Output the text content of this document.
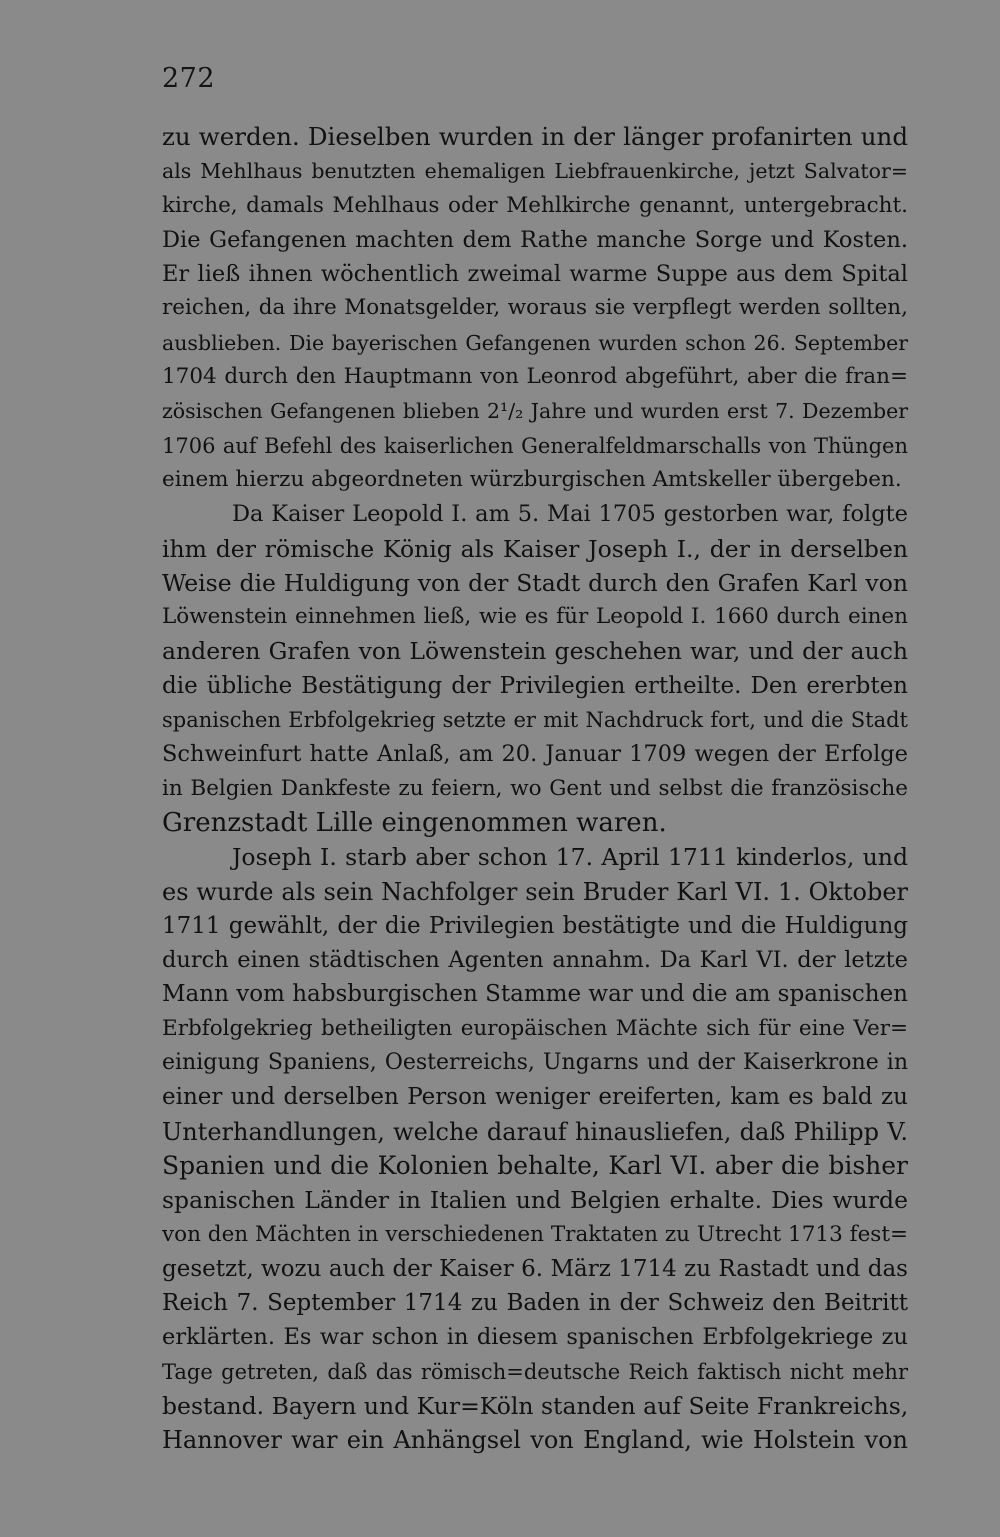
272
zu werden. Dieselben wurden in der länger profanirten und
als Mehlhaus benutzten ehemaligen Liebfrauenkirche, jetzt Salvator=
kirche, damals Mehlhaus oder Mehlkirche genannt, untergebracht.
Die Gefangenen machten dem Rathe manche Sorge und Kosten.
Er ließ ihnen wöchentlich zweimal warme Suppe aus dem Spital
reichen, da ihre Monatsgelder, woraus sie verpflegt werden sollten,
ausblieben. Die bayerischen Gefangenen wurden schon 26. September
1704 durch den Hauptmann von Leonrod abgeführt, aber die fran=
zösischen Gefangenen blieben 2¹/₂ Jahre und wurden erst 7. Dezember
1706 auf Befehl des kaiserlichen Generalfeldmarschalls von Thüngen
einem hierzu abgeordneten würzburgischen Amtskeller übergeben.
Da Kaiser Leopold I. am 5. Mai 1705 gestorben war, folgte
ihm der römische König als Kaiser Joseph I., der in derselben
Weise die Huldigung von der Stadt durch den Grafen Karl von
Löwenstein einnehmen ließ, wie es für Leopold I. 1660 durch einen
anderen Grafen von Löwenstein geschehen war, und der auch
die übliche Bestätigung der Privilegien ertheilte. Den ererbten
spanischen Erbfolgekrieg setzte er mit Nachdruck fort, und die Stadt
Schweinfurt hatte Anlaß, am 20. Januar 1709 wegen der Erfolge
in Belgien Dankfeste zu feiern, wo Gent und selbst die französische
Grenzstadt Lille eingenommen waren.
Joseph I. starb aber schon 17. April 1711 kinderlos, und
es wurde als sein Nachfolger sein Bruder Karl VI. 1. Oktober
1711 gewählt, der die Privilegien bestätigte und die Huldigung
durch einen städtischen Agenten annahm. Da Karl VI. der letzte
Mann vom habsburgischen Stamme war und die am spanischen
Erbfolgekrieg betheiligten europäischen Mächte sich für eine Ver=
einigung Spaniens, Oesterreichs, Ungarns und der Kaiserkrone in
einer und derselben Person weniger ereiferten, kam es bald zu
Unterhandlungen, welche darauf hinausliefen, daß Philipp V.
Spanien und die Kolonien behalte, Karl VI. aber die bisher
spanischen Länder in Italien und Belgien erhalte. Dies wurde
von den Mächten in verschiedenen Traktaten zu Utrecht 1713 fest=
gesetzt, wozu auch der Kaiser 6. März 1714 zu Rastadt und das
Reich 7. September 1714 zu Baden in der Schweiz den Beitritt
erklärten. Es war schon in diesem spanischen Erbfolgekriege zu
Tage getreten, daß das römisch=deutsche Reich faktisch nicht mehr
bestand. Bayern und Kur=Köln standen auf Seite Frankreichs,
Hannover war ein Anhängsel von England, wie Holstein von
